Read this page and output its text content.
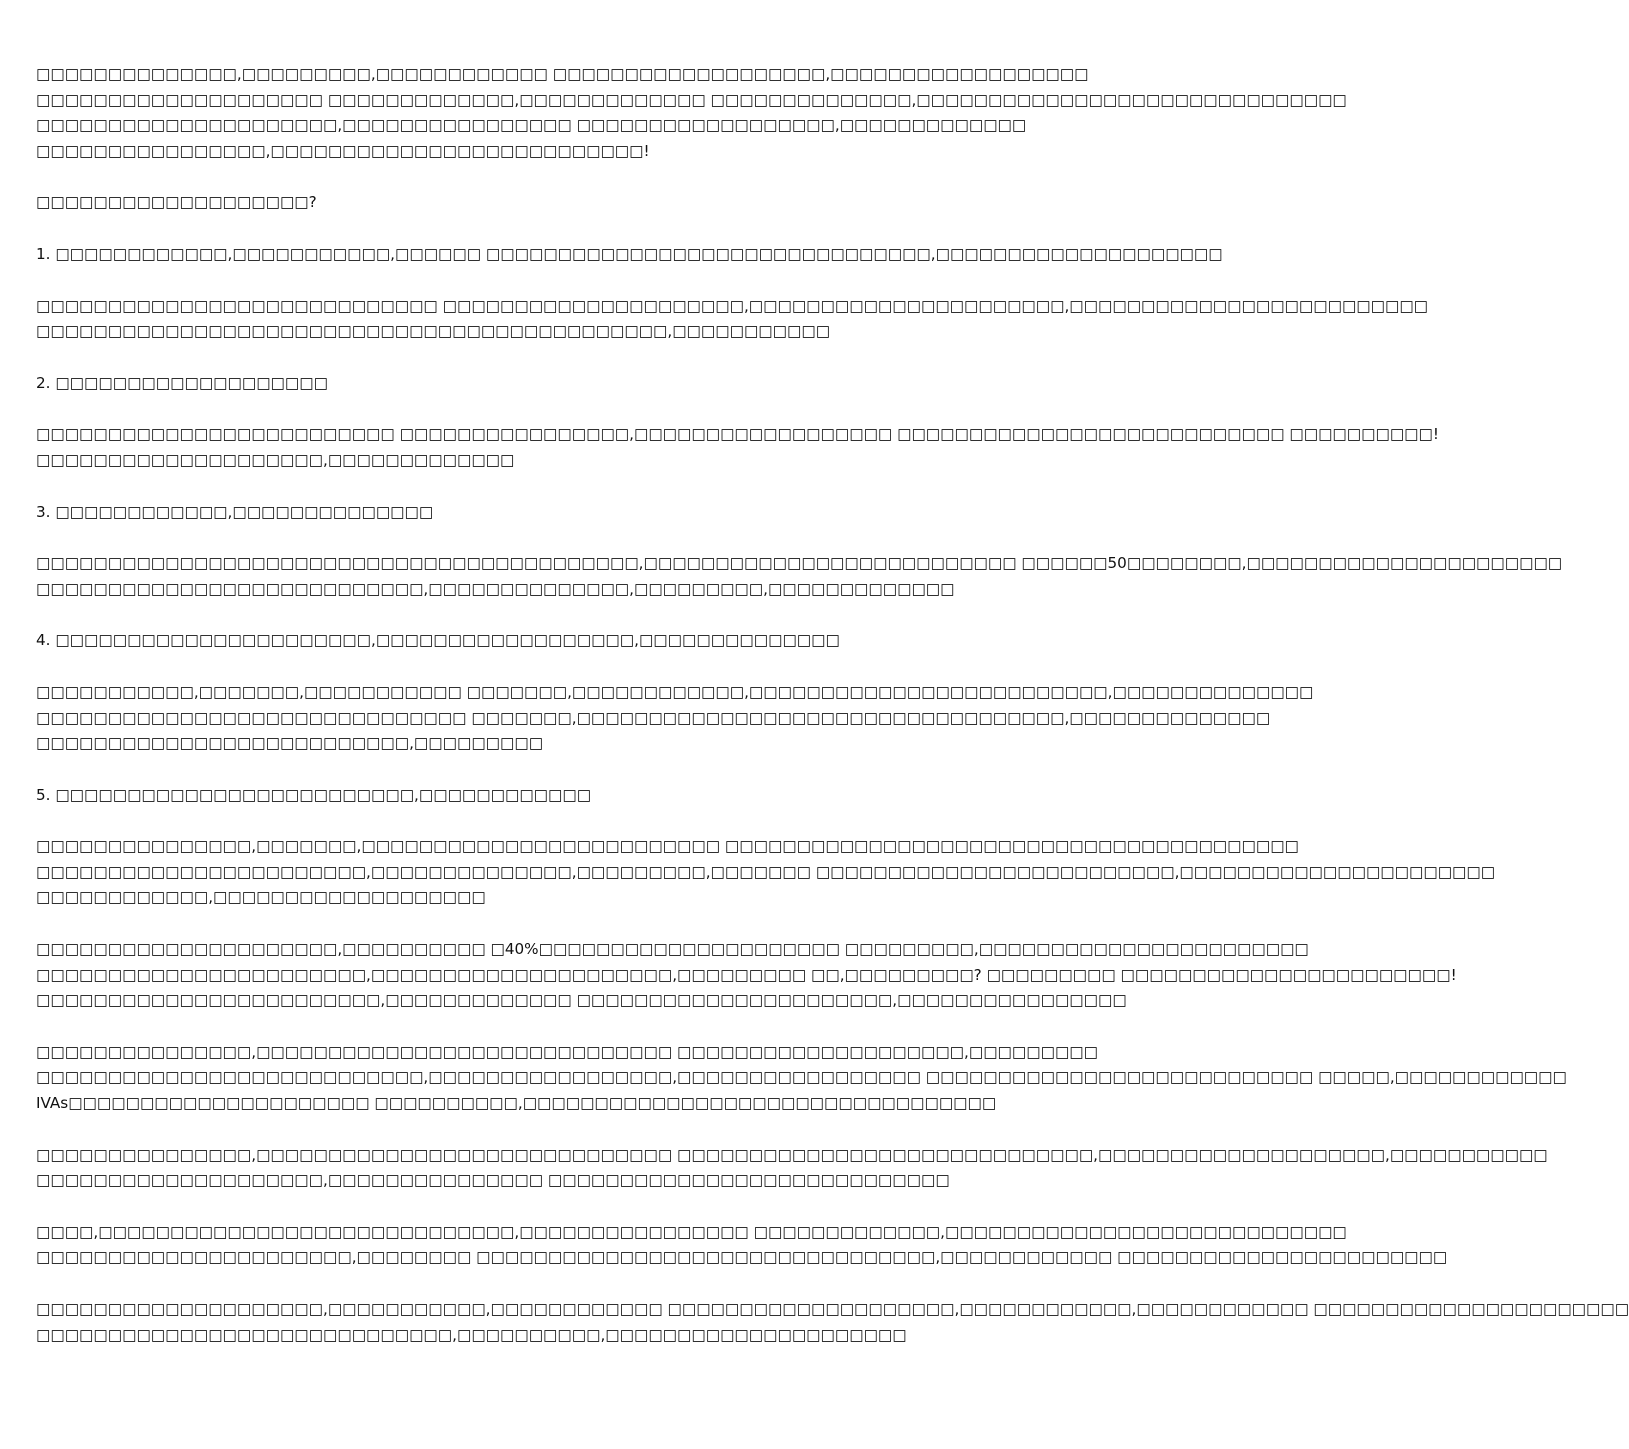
□□□□□□□□□□□□□□,□□□□□□□□□,□□□□□□□□□□□□ □□□□□□□□□□□□□□□□□□□,□□□□□□□□□□□□□□□□□□
□□□□□□□□□□□□□□□□□□□□ □□□□□□□□□□□□□,□□□□□□□□□□□□□ □□□□□□□□□□□□□□,□□□□□□□□□□□□□□□□□□□□□□□□□□□□□□
□□□□□□□□□□□□□□□□□□□□□,□□□□□□□□□□□□□□□□ □□□□□□□□□□□□□□□□□□,□□□□□□□□□□□□□
□□□□□□□□□□□□□□□□,□□□□□□□□□□□□□□□□□□□□□□□□□□!

□□□□□□□□□□□□□□□□□□□?

1. □□□□□□□□□□□□,□□□□□□□□□□□,□□□□□□ □□□□□□□□□□□□□□□□□□□□□□□□□□□□□□□,□□□□□□□□□□□□□□□□□□□□

□□□□□□□□□□□□□□□□□□□□□□□□□□□□ □□□□□□□□□□□□□□□□□□□□□,□□□□□□□□□□□□□□□□□□□□□□,□□□□□□□□□□□□□□□□□□□□□□□□□
□□□□□□□□□□□□□□□□□□□□□□□□□□□□□□□□□□□□□□□□□□□□,□□□□□□□□□□□

2. □□□□□□□□□□□□□□□□□□□

□□□□□□□□□□□□□□□□□□□□□□□□□ □□□□□□□□□□□□□□□□,□□□□□□□□□□□□□□□□□□ □□□□□□□□□□□□□□□□□□□□□□□□□□□ □□□□□□□□□□!
□□□□□□□□□□□□□□□□□□□□,□□□□□□□□□□□□□

3. □□□□□□□□□□□□,□□□□□□□□□□□□□□

□□□□□□□□□□□□□□□□□□□□□□□□□□□□□□□□□□□□□□□□□□,□□□□□□□□□□□□□□□□□□□□□□□□□□ □□□□□□50□□□□□□□□,□□□□□□□□□□□□□□□□□□□□□□
□□□□□□□□□□□□□□□□□□□□□□□□□□□,□□□□□□□□□□□□□□,□□□□□□□□□,□□□□□□□□□□□□□

4. □□□□□□□□□□□□□□□□□□□□□□,□□□□□□□□□□□□□□□□□□,□□□□□□□□□□□□□□

□□□□□□□□□□□,□□□□□□□,□□□□□□□□□□□ □□□□□□□,□□□□□□□□□□□□,□□□□□□□□□□□□□□□□□□□□□□□□□,□□□□□□□□□□□□□□
□□□□□□□□□□□□□□□□□□□□□□□□□□□□□□ □□□□□□□,□□□□□□□□□□□□□□□□□□□□□□□□□□□□□□□□□□,□□□□□□□□□□□□□□
□□□□□□□□□□□□□□□□□□□□□□□□□□,□□□□□□□□□

5. □□□□□□□□□□□□□□□□□□□□□□□□□,□□□□□□□□□□□□

□□□□□□□□□□□□□□□,□□□□□□□,□□□□□□□□□□□□□□□□□□□□□□□□□ □□□□□□□□□□□□□□□□□□□□□□□□□□□□□□□□□□□□□□□□
□□□□□□□□□□□□□□□□□□□□□□□,□□□□□□□□□□□□□□,□□□□□□□□□,□□□□□□□ □□□□□□□□□□□□□□□□□□□□□□□□□,□□□□□□□□□□□□□□□□□□□□□□
□□□□□□□□□□□□,□□□□□□□□□□□□□□□□□□□

□□□□□□□□□□□□□□□□□□□□□,□□□□□□□□□□ □40%□□□□□□□□□□□□□□□□□□□□□ □□□□□□□□□,□□□□□□□□□□□□□□□□□□□□□□□
□□□□□□□□□□□□□□□□□□□□□□□,□□□□□□□□□□□□□□□□□□□□□,□□□□□□□□□ □□,□□□□□□□□□? □□□□□□□□□ □□□□□□□□□□□□□□□□□□□□□□□!
□□□□□□□□□□□□□□□□□□□□□□□□,□□□□□□□□□□□□□ □□□□□□□□□□□□□□□□□□□□□□,□□□□□□□□□□□□□□□□

□□□□□□□□□□□□□□□,□□□□□□□□□□□□□□□□□□□□□□□□□□□□□ □□□□□□□□□□□□□□□□□□□□,□□□□□□□□□
□□□□□□□□□□□□□□□□□□□□□□□□□□□,□□□□□□□□□□□□□□□□□,□□□□□□□□□□□□□□□□□ □□□□□□□□□□□□□□□□□□□□□□□□□□□ □□□□□,□□□□□□□□□□□□
IVAs□□□□□□□□□□□□□□□□□□□□□ □□□□□□□□□□,□□□□□□□□□□□□□□□□□□□□□□□□□□□□□□□□□

□□□□□□□□□□□□□□□,□□□□□□□□□□□□□□□□□□□□□□□□□□□□□ □□□□□□□□□□□□□□□□□□□□□□□□□□□□□,□□□□□□□□□□□□□□□□□□□□,□□□□□□□□□□□
□□□□□□□□□□□□□□□□□□□□,□□□□□□□□□□□□□□□ □□□□□□□□□□□□□□□□□□□□□□□□□□□□

□□□□,□□□□□□□□□□□□□□□□□□□□□□□□□□□□□,□□□□□□□□□□□□□□□□ □□□□□□□□□□□□□,□□□□□□□□□□□□□□□□□□□□□□□□□□□□
□□□□□□□□□□□□□□□□□□□□□□,□□□□□□□□ □□□□□□□□□□□□□□□□□□□□□□□□□□□□□□□□,□□□□□□□□□□□□ □□□□□□□□□□□□□□□□□□□□□□□

□□□□□□□□□□□□□□□□□□□□,□□□□□□□□□□□,□□□□□□□□□□□□ □□□□□□□□□□□□□□□□□□□□,□□□□□□□□□□□□,□□□□□□□□□□□□ □□□□□□□□□□□□□□□□□□□□□□
□□□□□□□□□□□□□□□□□□□□□□□□□□□□□,□□□□□□□□□□,□□□□□□□□□□□□□□□□□□□□□
